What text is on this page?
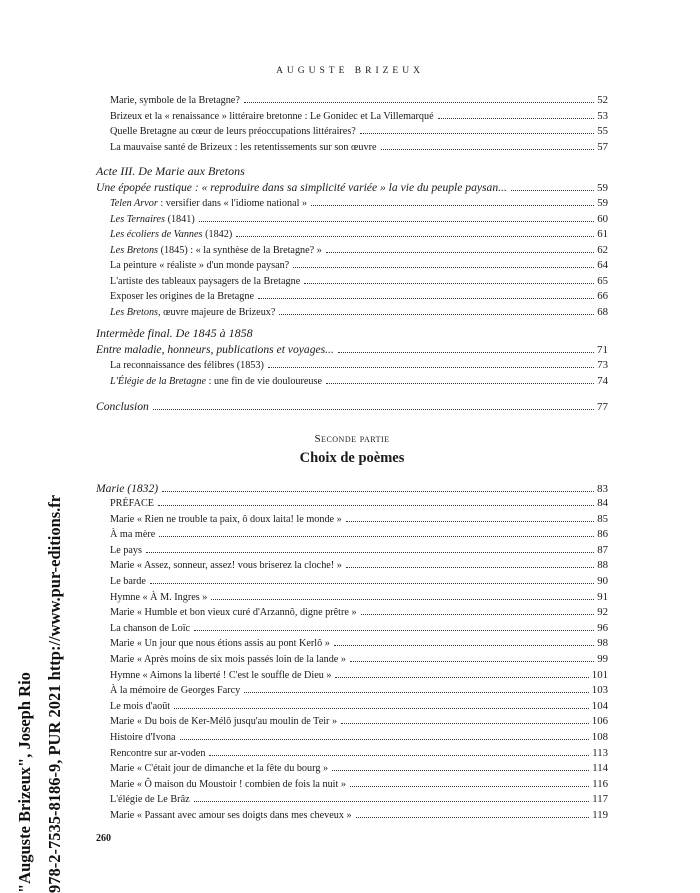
AUGUSTE BRIZEUX
Marie, symbole de la Bretagne?	52
Brizeux et la « renaissance » littéraire bretonne : Le Gonidec et La Villemarqué	53
Quelle Bretagne au cœur de leurs préoccupations littéraires?	55
La mauvaise santé de Brizeux : les retentissements sur son œuvre	57
Acte III. De Marie aux Bretons
Une épopée rustique : « reproduire dans sa simplicité variée » la vie du peuple paysan...	59
Telen Arvor : versifier dans « l'idiome national »	59
Les Ternaires (1841)	60
Les écoliers de Vannes (1842)	61
Les Bretons (1845) : « la synthèse de la Bretagne? »	62
La peinture « réaliste » d'un monde paysan?	64
L'artiste des tableaux paysagers de la Bretagne	65
Exposer les origines de la Bretagne	66
Les Bretons, œuvre majeure de Brizeux?	68
Intermède final. De 1845 à 1858
Entre maladie, honneurs, publications et voyages...	71
La reconnaissance des félibres (1853)	73
L'Élégie de la Bretagne : une fin de vie douloureuse	74
Conclusion	77
Seconde partie
Choix de poèmes
Marie (1832)	83
PRÉFACE	84
Marie « Rien ne trouble ta paix, ô doux laita! le monde »	85
À ma mère	86
Le pays	87
Marie « Assez, sonneur, assez! vous briserez la cloche! »	88
Le barde	90
Hymne « À M. Ingres »	91
Marie « Humble et bon vieux curé d'Arzannô, digne prêtre »	92
La chanson de Loïc	96
Marie « Un jour que nous étions assis au pont Kerlô »	98
Marie « Après moins de six mois passés loin de la lande »	99
Hymne « Aimons la liberté ! C'est le souffle de Dieu »	101
À la mémoire de Georges Farcy	103
Le mois d'août	104
Marie « Du bois de Ker-Mélô jusqu'au moulin de Teir »	106
Histoire d'Ivona	108
Rencontre sur ar-voden	113
Marie « C'était jour de dimanche et la fête du bourg »	114
Marie « Ô maison du Moustoir ! combien de fois la nuit »	116
L'élégie de Le Brâz	117
Marie « Passant avec amour ses doigts dans mes cheveux »	119
260
"Auguste Brizeux", Joseph Rio 978-2-7535-8186-9, PUR 2021 http://www.pur-editions.fr
